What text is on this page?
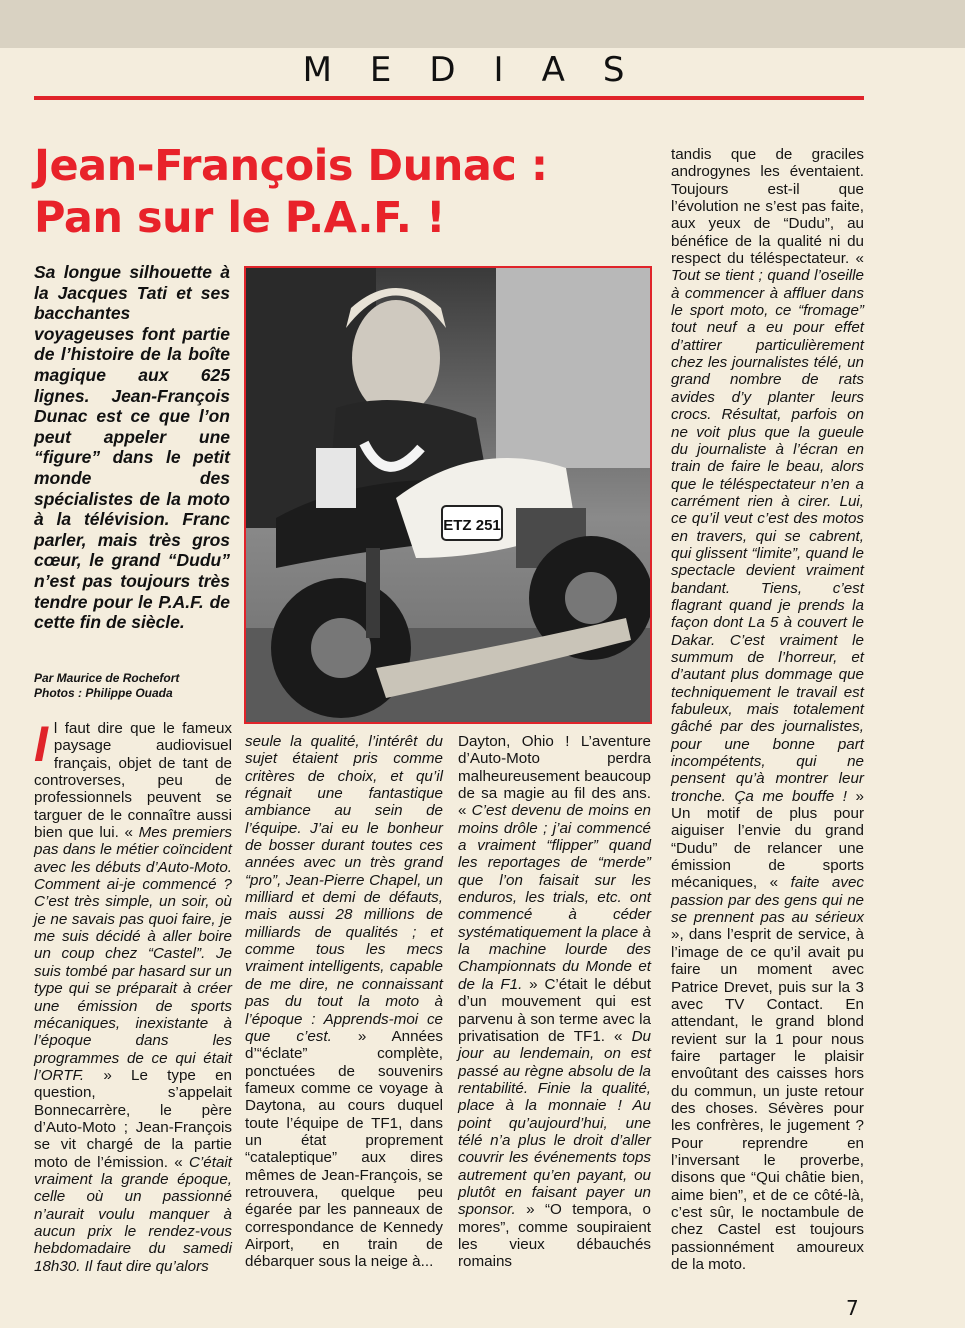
MEDIAS
Jean-François Dunac :
Pan sur le P.A.F. !

Sa longue silhouette à la Jacques Tati et ses bacchantes voyageuses font partie de l’histoire de la boîte magique aux 625 lignes. Jean-François Dunac est ce que l’on peut appeler une “figure” dans le petit monde des spécialistes de la moto à la télévision. Franc parler, mais très gros cœur, le grand “Dudu” n’est pas toujours très tendre pour le P.A.F. de cette fin de siècle.

Par Maurice de Rochefort
Photos : Philippe Ouada
ETZ 251
Il faut dire que le fameux paysage audiovisuel français, objet de tant de controverses, peu de professionnels peuvent se targuer de le connaître aussi bien que lui. « Mes premiers pas dans le métier coïncident avec les débuts d’Auto-Moto. Comment ai-je commencé ? C’est très simple, un soir, où je ne savais pas quoi faire, je me suis décidé à aller boire un coup chez “Castel”. Je suis tombé par hasard sur un type qui se préparait à créer une émission de sports mécaniques, inexistante à l’époque dans les programmes de ce qui était l’ORTF. » Le type en question, s’appelait Bonnecarrère, le père d’Auto-Moto ; Jean-François se vit chargé de la partie moto de l’émission. « C’était vraiment la grande époque, celle où un passionné n’aurait voulu manquer à aucun prix le rendez-vous hebdomadaire du samedi 18h30. Il faut dire qu’alors
seule la qualité, l’intérêt du sujet étaient pris comme critères de choix, et qu’il régnait une fantastique ambiance au sein de l’équipe. J’ai eu le bonheur de bosser durant toutes ces années avec un très grand “pro”, Jean-Pierre Chapel, un milliard et demi de défauts, mais aussi 28 millions de milliards de qualités ; et comme tous les mecs vraiment intelligents, capable de me dire, ne connaissant pas du tout la moto à l’époque : Apprends-moi ce que c’est. » Années d’“éclate” complète, ponctuées de souvenirs fameux comme ce voyage à Daytona, au cours duquel toute l’équipe de TF1, dans un état proprement “cataleptique” aux dires mêmes de Jean-François, se retrouvera, quelque peu égarée par les panneaux de correspondance de Kennedy Airport, en train de débarquer sous la neige à...
Dayton, Ohio ! L’aventure d’Auto-Moto perdra malheureusement beaucoup de sa magie au fil des ans. « C’est devenu de moins en moins drôle ; j’ai commencé a vraiment “flipper” quand les reportages de “merde” que l’on faisait sur les enduros, les trials, etc. ont commencé à céder systématiquement la place à la machine lourde des Championnats du Monde et de la F1. » C’était le début d’un mouvement qui est parvenu à son terme avec la privatisation de TF1. « Du jour au lendemain, on est passé au règne absolu de la rentabilité. Finie la qualité, place à la monnaie ! Au point qu’aujourd’hui, une télé n’a plus le droit d’aller couvrir les événements tops autrement qu’en payant, ou plutôt en faisant payer un sponsor. » “O tempora, o mores”, comme soupiraient les vieux débauchés romains
tandis que de graciles androgynes les éventaient. Toujours est-il que l’évolution ne s’est pas faite, aux yeux de “Dudu”, au bénéfice de la qualité ni du respect du téléspectateur. « Tout se tient ; quand l’oseille à commencer à affluer dans le sport moto, ce “fromage” tout neuf a eu pour effet d’attirer particulièrement chez les journalistes télé, un grand nombre de rats avides d’y planter leurs crocs. Résultat, parfois on ne voit plus que la gueule du journaliste à l’écran en train de faire le beau, alors que le téléspectateur n’en a carrément rien à cirer. Lui, ce qu’il veut c’est des motos en travers, qui se cabrent, qui glissent “limite”, quand le spectacle devient vraiment bandant. Tiens, c’est flagrant quand je prends la façon dont La 5 à couvert le Dakar. C’est vraiment le summum de l’horreur, et d’autant plus dommage que techniquement le travail est fabuleux, mais totalement gâché par des journalistes, pour une bonne part incompétents, qui ne pensent qu’à montrer leur tronche. Ça me bouffe ! » Un motif de plus pour aiguiser l’envie du grand “Dudu” de relancer une émission de sports mécaniques, « faite avec passion par des gens qui ne se prennent pas au sérieux », dans l’esprit de service, à l’image de ce qu’il avait pu faire un moment avec Patrice Drevet, puis sur la 3 avec TV Contact. En attendant, le grand blond revient sur la 1 pour nous faire partager le plaisir envoûtant des caisses hors du commun, un juste retour des choses. Sévères pour les confrères, le jugement ? Pour reprendre en l’inversant le proverbe, disons que “Qui châtie bien, aime bien”, et de ce côté-là, c’est sûr, le noctambule de chez Castel est toujours passionnément amoureux de la moto.
7
